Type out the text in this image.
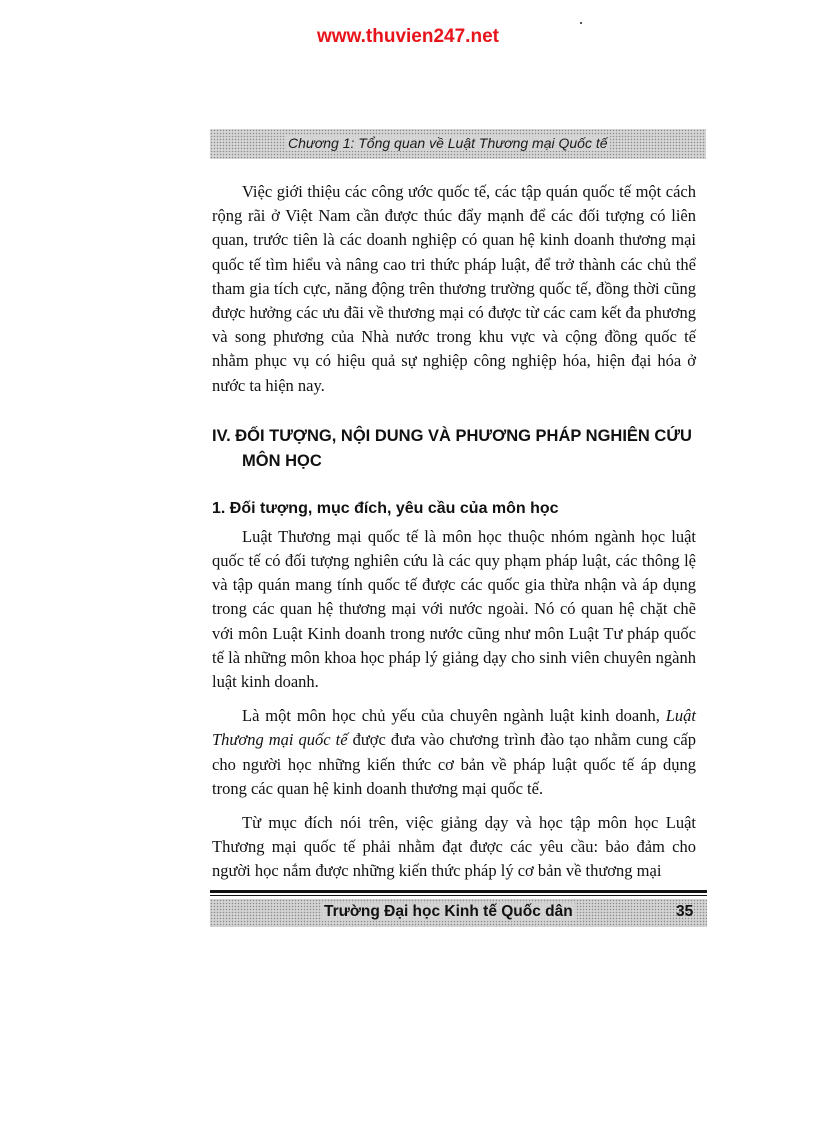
www.thuvien247.net
Chương 1: Tổng quan về Luật Thương mại Quốc tế

Việc giới thiệu các công ước quốc tế, các tập quán quốc tế một cách rộng rãi ở Việt Nam cần được thúc đẩy mạnh để các đối tượng có liên quan, trước tiên là các doanh nghiệp có quan hệ kinh doanh thương mại quốc tế tìm hiểu và nâng cao tri thức pháp luật, để trở thành các chủ thể tham gia tích cực, năng động trên thương trường quốc tế, đồng thời cũng được hưởng các ưu đãi về thương mại có được từ các cam kết đa phương và song phương của Nhà nước trong khu vực và cộng đồng quốc tế nhằm phục vụ có hiệu quả sự nghiệp công nghiệp hóa, hiện đại hóa ở nước ta hiện nay.

IV. ĐỐI TƯỢNG, NỘI DUNG VÀ PHƯƠNG PHÁP NGHIÊN CỨU MÔN HỌC
1. Đối tượng, mục đích, yêu cầu của môn học

Luật Thương mại quốc tế là môn học thuộc nhóm ngành học luật quốc tế có đối tượng nghiên cứu là các quy phạm pháp luật, các thông lệ và tập quán mang tính quốc tế được các quốc gia thừa nhận và áp dụng trong các quan hệ thương mại với nước ngoài. Nó có quan hệ chặt chẽ với môn Luật Kinh doanh trong nước cũng như môn Luật Tư pháp quốc tế là những môn khoa học pháp lý giảng dạy cho sinh viên chuyên ngành luật kinh doanh.

Là một môn học chủ yếu của chuyên ngành luật kinh doanh, Luật Thương mại quốc tế được đưa vào chương trình đào tạo nhằm cung cấp cho người học những kiến thức cơ bản về pháp luật quốc tế áp dụng trong các quan hệ kinh doanh thương mại quốc tế.

Từ mục đích nói trên, việc giảng dạy và học tập môn học Luật Thương mại quốc tế phải nhằm đạt được các yêu cầu: bảo đảm cho người học nắm được những kiến thức pháp lý cơ bản về thương mại

Trường Đại học Kinh tế Quốc dân	35
